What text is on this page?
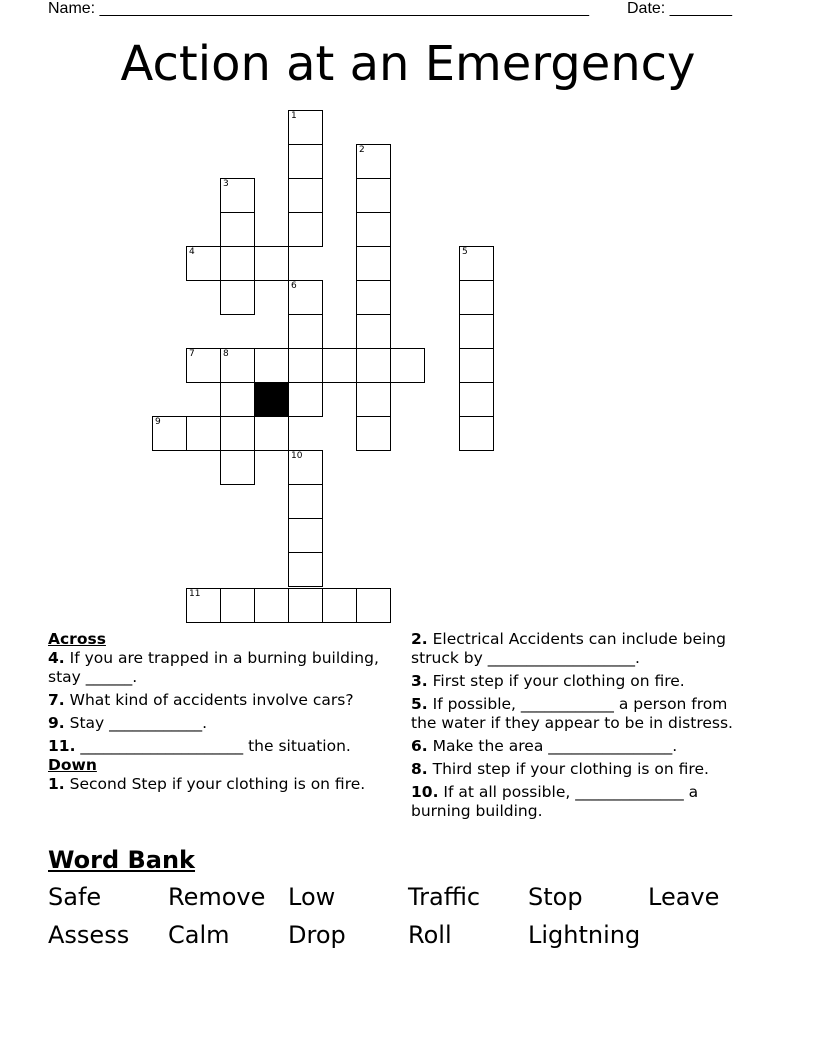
Name: _______________________________________________________ Date: _______
Action at an Emergency
1
2
3
4	5
6
7	8
9
10
11

Across

4. If you are trapped in a burning building, stay ______.

7. What kind of accidents involve cars?

9. Stay ____________.

11. _____________________ the situation.

Down

1. Second Step if your clothing is on fire.

2. Electrical Accidents can include being struck by ___________________.

3. First step if your clothing on fire.

5. If possible, ____________ a person from the water if they appear to be in distress.

6. Make the area ________________.

8. Third step if your clothing is on fire.

10. If at all possible, ______________ a burning building.

Word Bank
Safe	Remove Low	Traffic Stop	Leave
Assess Calm Drop	Roll	Lightning
